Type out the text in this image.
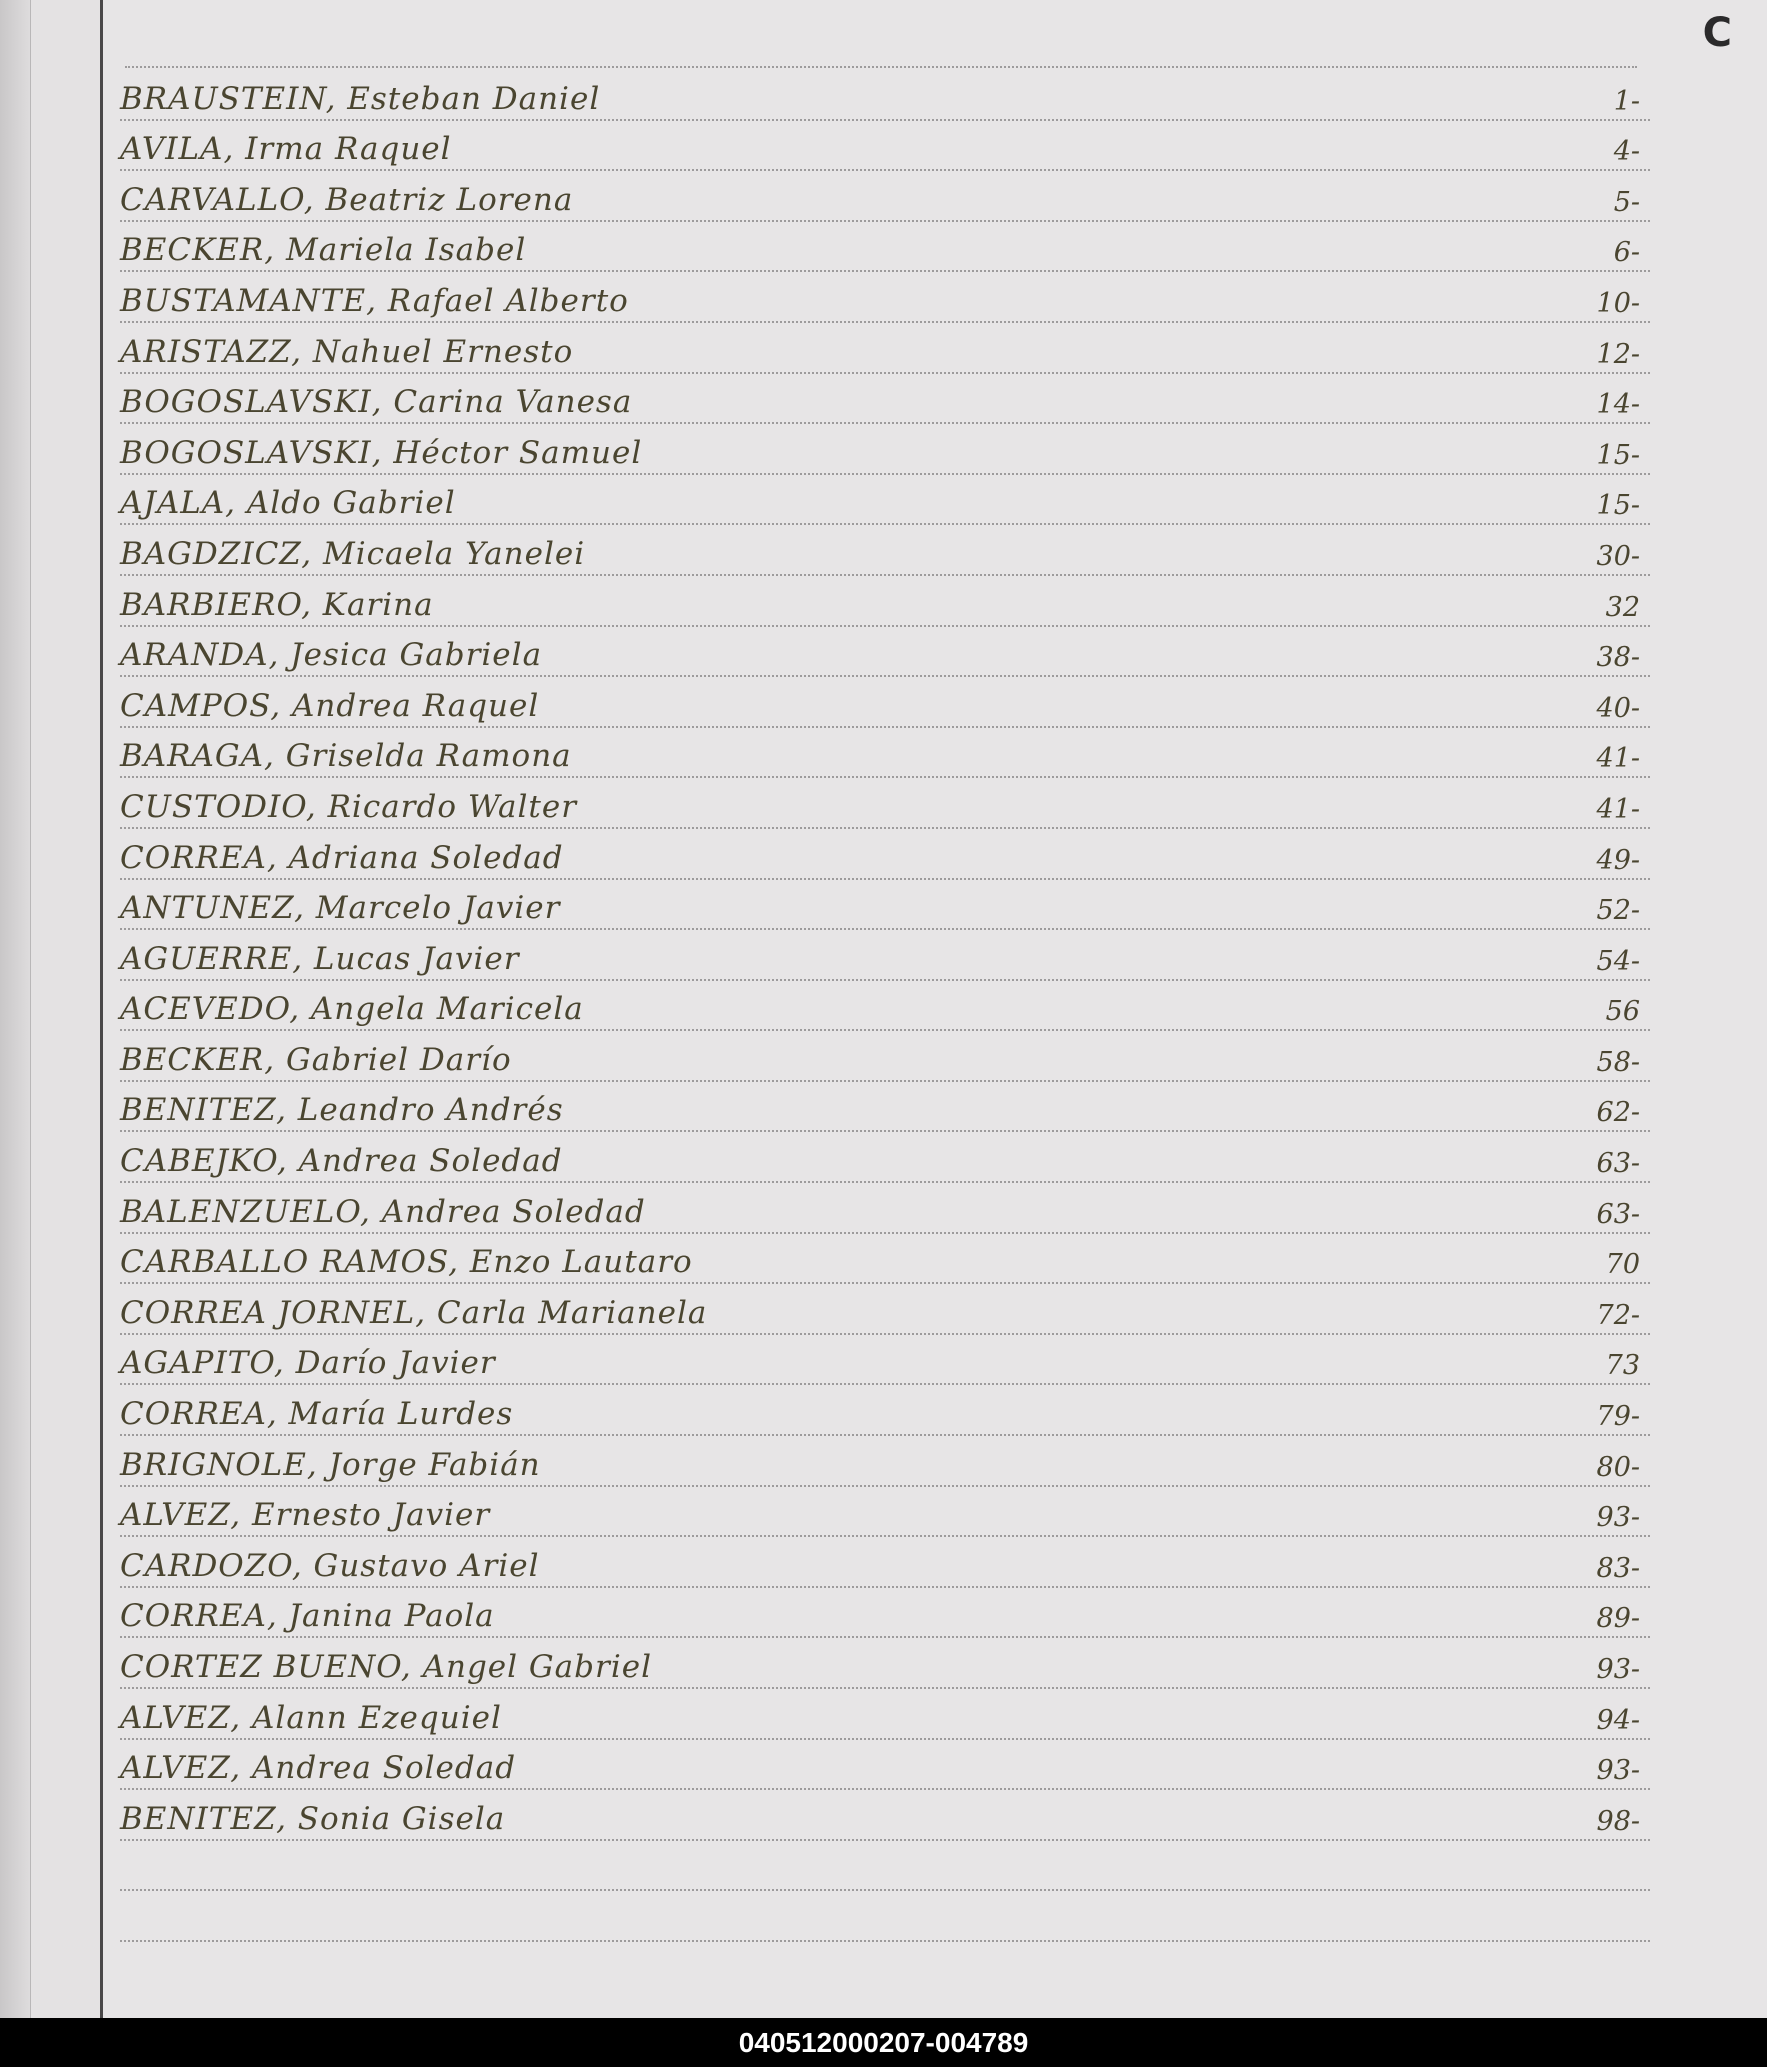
C
BRAUSTEIN, Esteban Daniel	1-
AVILA, Irma Raquel	4-
CARVALLO, Beatriz Lorena	5-
BECKER, Mariela Isabel	6-
BUSTAMANTE, Rafael Alberto	10-
ARISTAZZ, Nahuel Ernesto	12-
BOGOSLAVSKI, Carina Vanesa	14-
BOGOSLAVSKI, Héctor Samuel	15-
AJALA, Aldo Gabriel	15-
BAGDZICZ, Micaela Yanelei	30-
BARBIERO, Karina	32
ARANDA, Jesica Gabriela	38-
CAMPOS, Andrea Raquel	40-
BARAGA, Griselda Ramona	41-
CUSTODIO, Ricardo Walter	41-
CORREA, Adriana Soledad	49-
ANTUNEZ, Marcelo Javier	52-
AGUERRE, Lucas Javier	54-
ACEVEDO, Angela Maricela	56
BECKER, Gabriel Darío	58-
BENITEZ, Leandro Andrés	62-
CABEJKO, Andrea Soledad	63-
BALENZUELO, Andrea Soledad	63-
CARBALLO RAMOS, Enzo Lautaro	70
CORREA JORNEL, Carla Marianela	72-
AGAPITO, Darío Javier	73
CORREA, María Lurdes	79-
BRIGNOLE, Jorge Fabián	80-
ALVEZ, Ernesto Javier	93-
CARDOZO, Gustavo Ariel	83-
CORREA, Janina Paola	89-
CORTEZ BUENO, Angel Gabriel	93-
ALVEZ, Alann Ezequiel	94-
ALVEZ, Andrea Soledad	93-
BENITEZ, Sonia Gisela	98-
040512000207-004789
